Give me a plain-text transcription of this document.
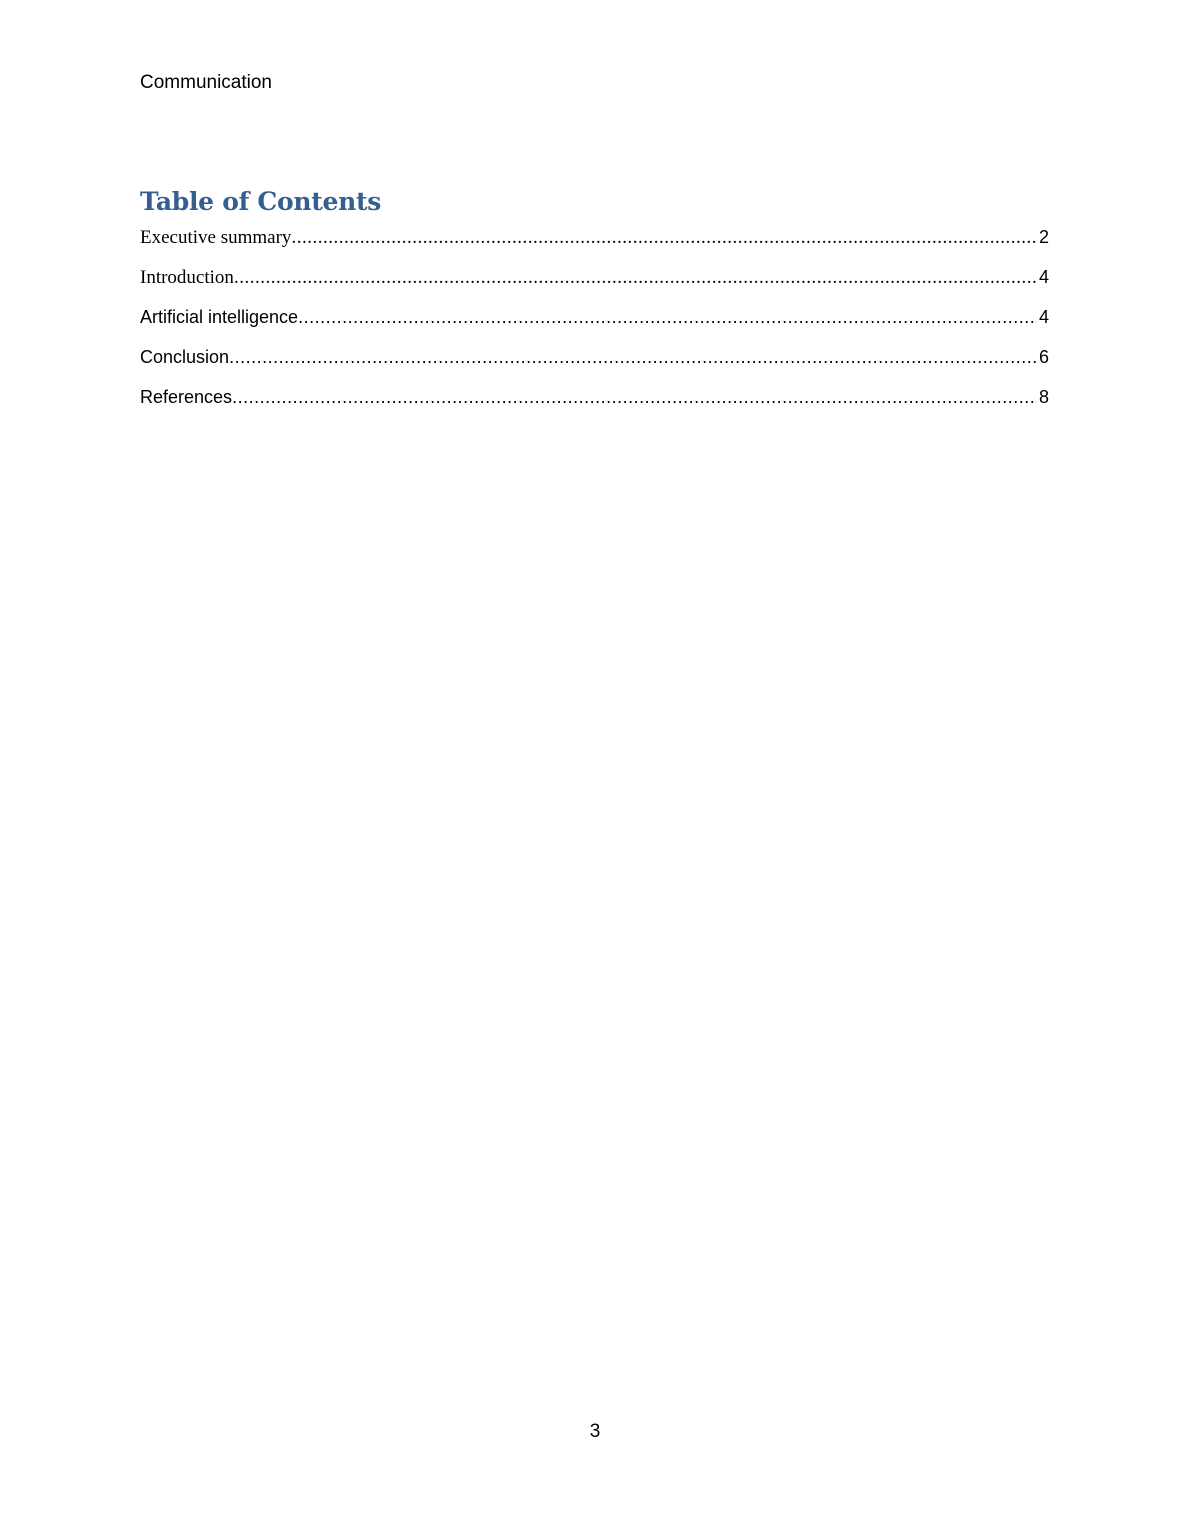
Communication
Table of Contents
Executive summary .....	2
Introduction .....	4
Artificial intelligence .....	4
Conclusion .....	6
References .....	8
3
